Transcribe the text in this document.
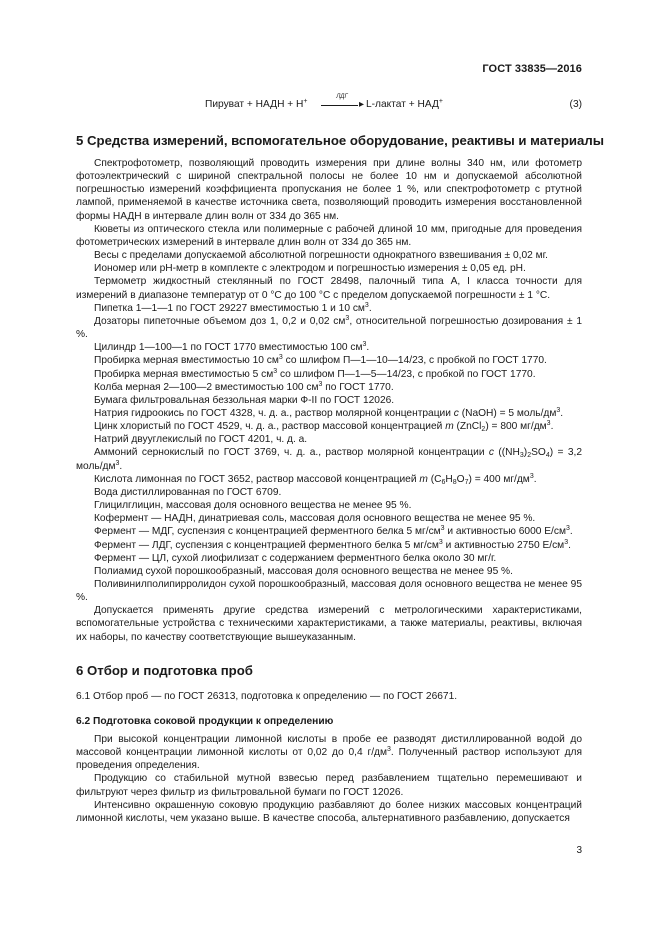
ГОСТ 33835—2016
Пируват + НАДН + H+
ЛДГ
▸ L-лактат + НАД+	(3)
5 Средства измерений, вспомогательное оборудование, реактивы и материалы

Спектрофотометр, позволяющий проводить измерения при длине волны 340 нм, или фотометр фотоэлектрический с шириной спектральной полосы не более 10 нм и допускаемой абсолютной погрешностью измерений коэффициента пропускания не более 1 %, или спектрофотометр с ртутной лампой, применяемой в качестве источника света, позволяющий проводить измерения восстановленной формы НАДН в интервале длин волн от 334 до 365 нм.

Кюветы из оптического стекла или полимерные с рабочей длиной 10 мм, пригодные для проведения фотометрических измерений в интервале длин волн от 334 до 365 нм.

Весы с пределами допускаемой абсолютной погрешности однократного взвешивания ± 0,02 мг.

Иономер или pH-метр в комплекте с электродом и погрешностью измерения ± 0,05 ед. pH.

Термометр жидкостный стеклянный по ГОСТ 28498, палочный типа А, I класса точности для измерений в диапазоне температур от 0 °С до 100 °С с пределом допускаемой погрешности ± 1 °С.

Пипетка 1—1—1 по ГОСТ 29227 вместимостью 1 и 10 $см^3$.

Дозаторы пипеточные объемом доз 1, 0,2 и 0,02 $см^3$, относительной погрешностью дозирования ± 1 %.

Цилиндр 1—100—1 по ГОСТ 1770 вместимостью 100 $см^3$.

Пробирка мерная вместимостью 10 $см^3$ со шлифом П—1—10—14/23, с пробкой по ГОСТ 1770.

Пробирка мерная вместимостью 5 $см^3$ со шлифом П—1—5—14/23, с пробкой по ГОСТ 1770.

Колба мерная 2—100—2 вместимостью 100 $см^3$ по ГОСТ 1770.

Бумага фильтровальная беззольная марки Ф-II по ГОСТ 12026.

Натрия гидроокись по ГОСТ 4328, ч. д. а., раствор молярной концентрации c (NaOH) = 5 моль/$дм^3$.

Цинк хлористый по ГОСТ 4529, ч. д. а., раствор массовой концентрацией m (ZnCl$_2$) = 800 $мг/дм^3$.

Натрий двууглекислый по ГОСТ 4201, ч. д. а.

Аммоний сернокислый по ГОСТ 3769, ч. д. а., раствор молярной концентрации c $((NH_3)_2SO_4) = 3,2$ моль/$дм^3$.

Кислота лимонная по ГОСТ 3652, раствор массовой концентрацией m $(C_6H_8O_7) = 400$ $мг/дм^3$.

Вода дистиллированная по ГОСТ 6709.

Глицилглицин, массовая доля основного вещества не менее 95 %.

Кофермент — НАДН, динатриевая соль, массовая доля основного вещества не менее 95 %.

Фермент — МДГ, суспензия с концентрацией ферментного белка 5 $мг/см^3$ и активностью 6000 $Е/см^3$.

Фермент — ЛДГ, суспензия с концентрацией ферментного белка 5 $мг/см^3$ и активностью 2750 $Е/см^3$.

Фермент — ЦЛ, сухой лиофилизат с содержанием ферментного белка около 30 мг/г.

Полиамид сухой порошкообразный, массовая доля основного вещества не менее 95 %.

Поливинилполипирролидон сухой порошкообразный, массовая доля основного вещества не менее 95 %.

Допускается применять другие средства измерений с метрологическими характеристиками, вспомогательные устройства с техническими характеристиками, а также материалы, реактивы, включая их наборы, по качеству соответствующие вышеуказанным.

6 Отбор и подготовка проб
6.1 Отбор проб — по ГОСТ 26313, подготовка к определению — по ГОСТ 26671.
6.2 Подготовка соковой продукции к определению

При высокой концентрации лимонной кислоты в пробе ее разводят дистиллированной водой до массовой концентрации лимонной кислоты от 0,02 до 0,4 $г/дм^3$. Полученный раствор используют для проведения определения.

Продукцию со стабильной мутной взвесью перед разбавлением тщательно перемешивают и фильтруют через фильтр из фильтровальной бумаги по ГОСТ 12026.

Интенсивно окрашенную соковую продукцию разбавляют до более низких массовых концентраций лимонной кислоты, чем указано выше. В качестве способа, альтернативного разбавлению, допускается

3
